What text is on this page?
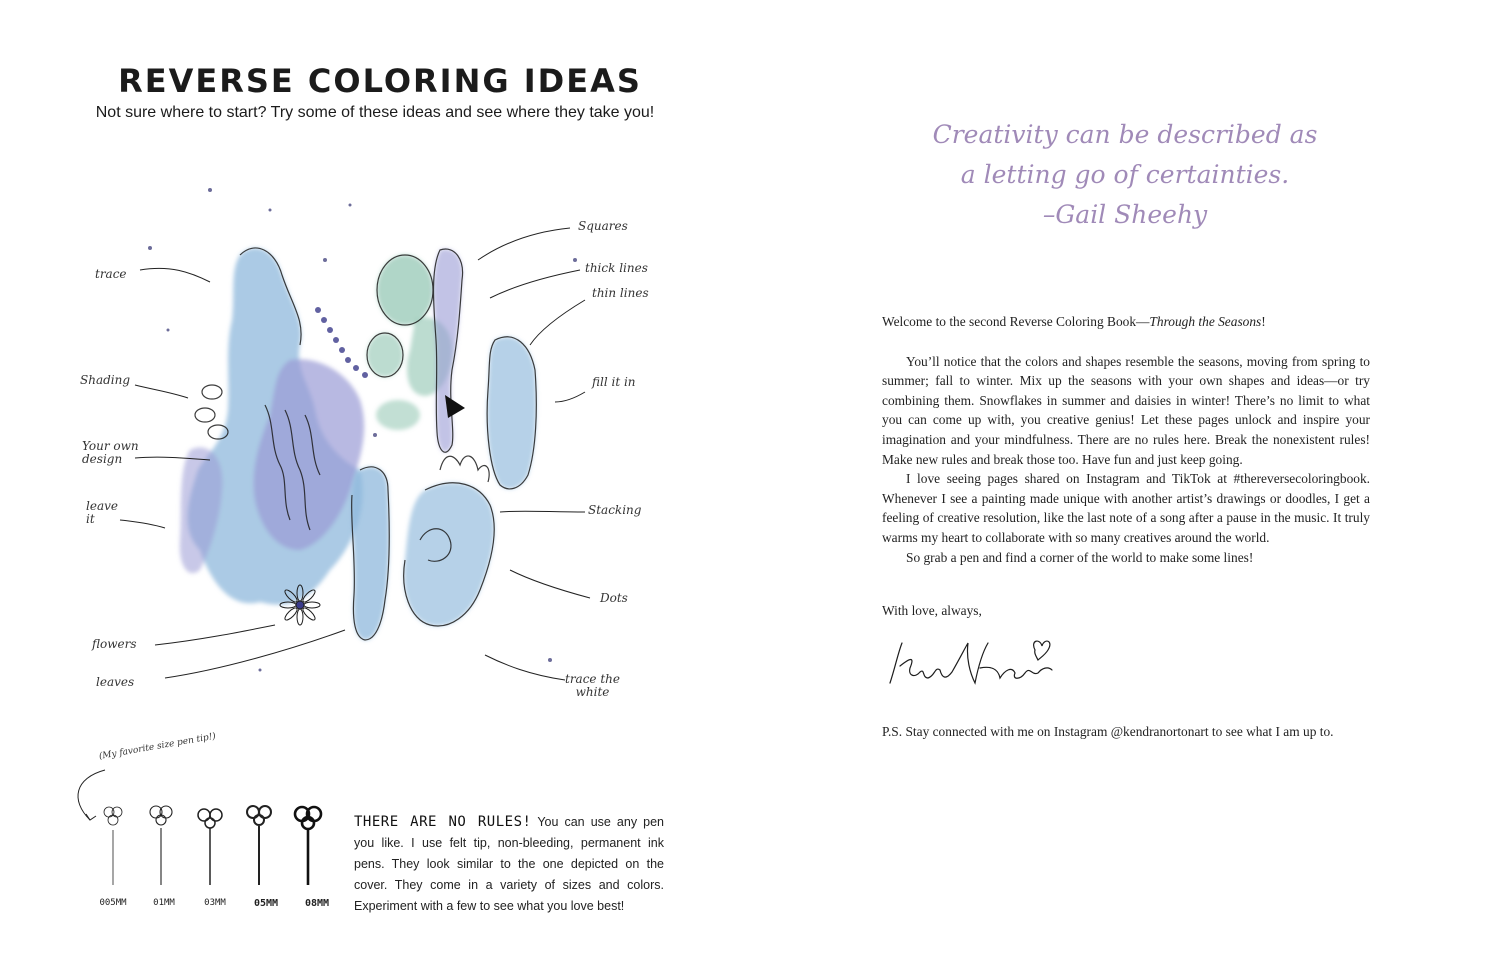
REVERSE COLORING IDEAS
Not sure where to start? Try some of these ideas and see where they take you!
trace
Shading
Your own
design
leave
it
flowers
leaves
Squares
thick lines
thin lines
fill it in
Stacking
Dots
trace the
white
(My favorite size pen tip!)
005MM	01MM	03MM	05MM	08MM
THERE ARE NO RULES! You can use any pen you like. I use felt tip, non-bleeding, permanent ink pens. They look similar to the one depicted on the cover. They come in a variety of sizes and colors. Experiment with a few to see what you love best!
Creativity can be described as
a letting go of certainties.
–Gail Sheehy

Welcome to the second Reverse Coloring Book—Through the Seasons!

You’ll notice that the colors and shapes resemble the seasons, moving from spring to summer; fall to winter. Mix up the seasons with your own shapes and ideas—or try combining them. Snowflakes in summer and daisies in winter! There’s no limit to what you can come up with, you creative genius! Let these pages unlock and inspire your imagination and your mindfulness. There are no rules here. Break the nonexistent rules! Make new rules and break those too. Have fun and just keep going.

I love seeing pages shared on Instagram and TikTok at #thereversecoloringbook. Whenever I see a painting made unique with another artist’s drawings or doodles, I get a feeling of creative resolution, like the last note of a song after a pause in the music. It truly warms my heart to collaborate with so many creatives around the world.

So grab a pen and find a corner of the world to make some lines!

With love, always,

P.S. Stay connected with me on Instagram @kendranortonart to see what I am up to.
